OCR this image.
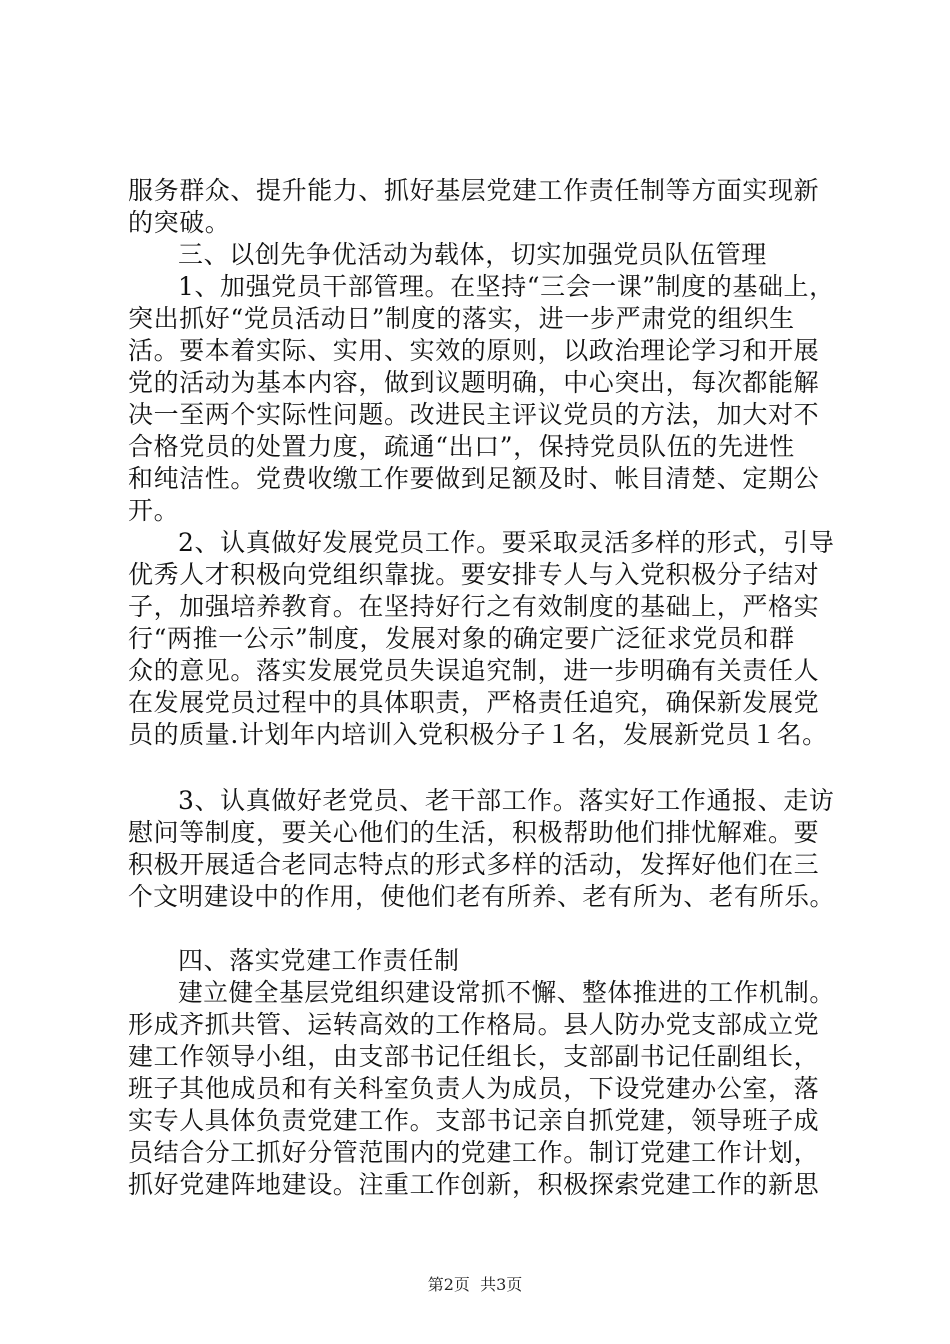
服务群众、提升能力、抓好基层党建工作责任制等方面实现新
的突破。
三、以创先争优活动为载体，切实加强党员队伍管理
1、加强党员干部管理。在坚持“三会一课”制度的基础上，
突出抓好“党员活动日”制度的落实，进一步严肃党的组织生
活。要本着实际、实用、实效的原则，以政治理论学习和开展
党的活动为基本内容，做到议题明确，中心突出，每次都能解
决一至两个实际性问题。改进民主评议党员的方法，加大对不
合格党员的处置力度，疏通“出口”，保持党员队伍的先进性
和纯洁性。党费收缴工作要做到足额及时、帐目清楚、定期公
开。
2、认真做好发展党员工作。要采取灵活多样的形式，引导
优秀人才积极向党组织靠拢。要安排专人与入党积极分子结对
子，加强培养教育。在坚持好行之有效制度的基础上，严格实
行“两推一公示”制度，发展对象的确定要广泛征求党员和群
众的意见。落实发展党员失误追究制，进一步明确有关责任人
在发展党员过程中的具体职责，严格责任追究，确保新发展党
员的质量.计划年内培训入党积极分子１名，发展新党员１名。
3、认真做好老党员、老干部工作。落实好工作通报、走访
慰问等制度，要关心他们的生活，积极帮助他们排忧解难。要
积极开展适合老同志特点的形式多样的活动，发挥好他们在三
个文明建设中的作用，使他们老有所养、老有所为、老有所乐。
四、落实党建工作责任制
建立健全基层党组织建设常抓不懈、整体推进的工作机制。
形成齐抓共管、运转高效的工作格局。县人防办党支部成立党
建工作领导小组，由支部书记任组长，支部副书记任副组长，
班子其他成员和有关科室负责人为成员，下设党建办公室，落
实专人具体负责党建工作。支部书记亲自抓党建，领导班子成
员结合分工抓好分管范围内的党建工作。制订党建工作计划，
抓好党建阵地建设。注重工作创新，积极探索党建工作的新思
第2页  共3页
